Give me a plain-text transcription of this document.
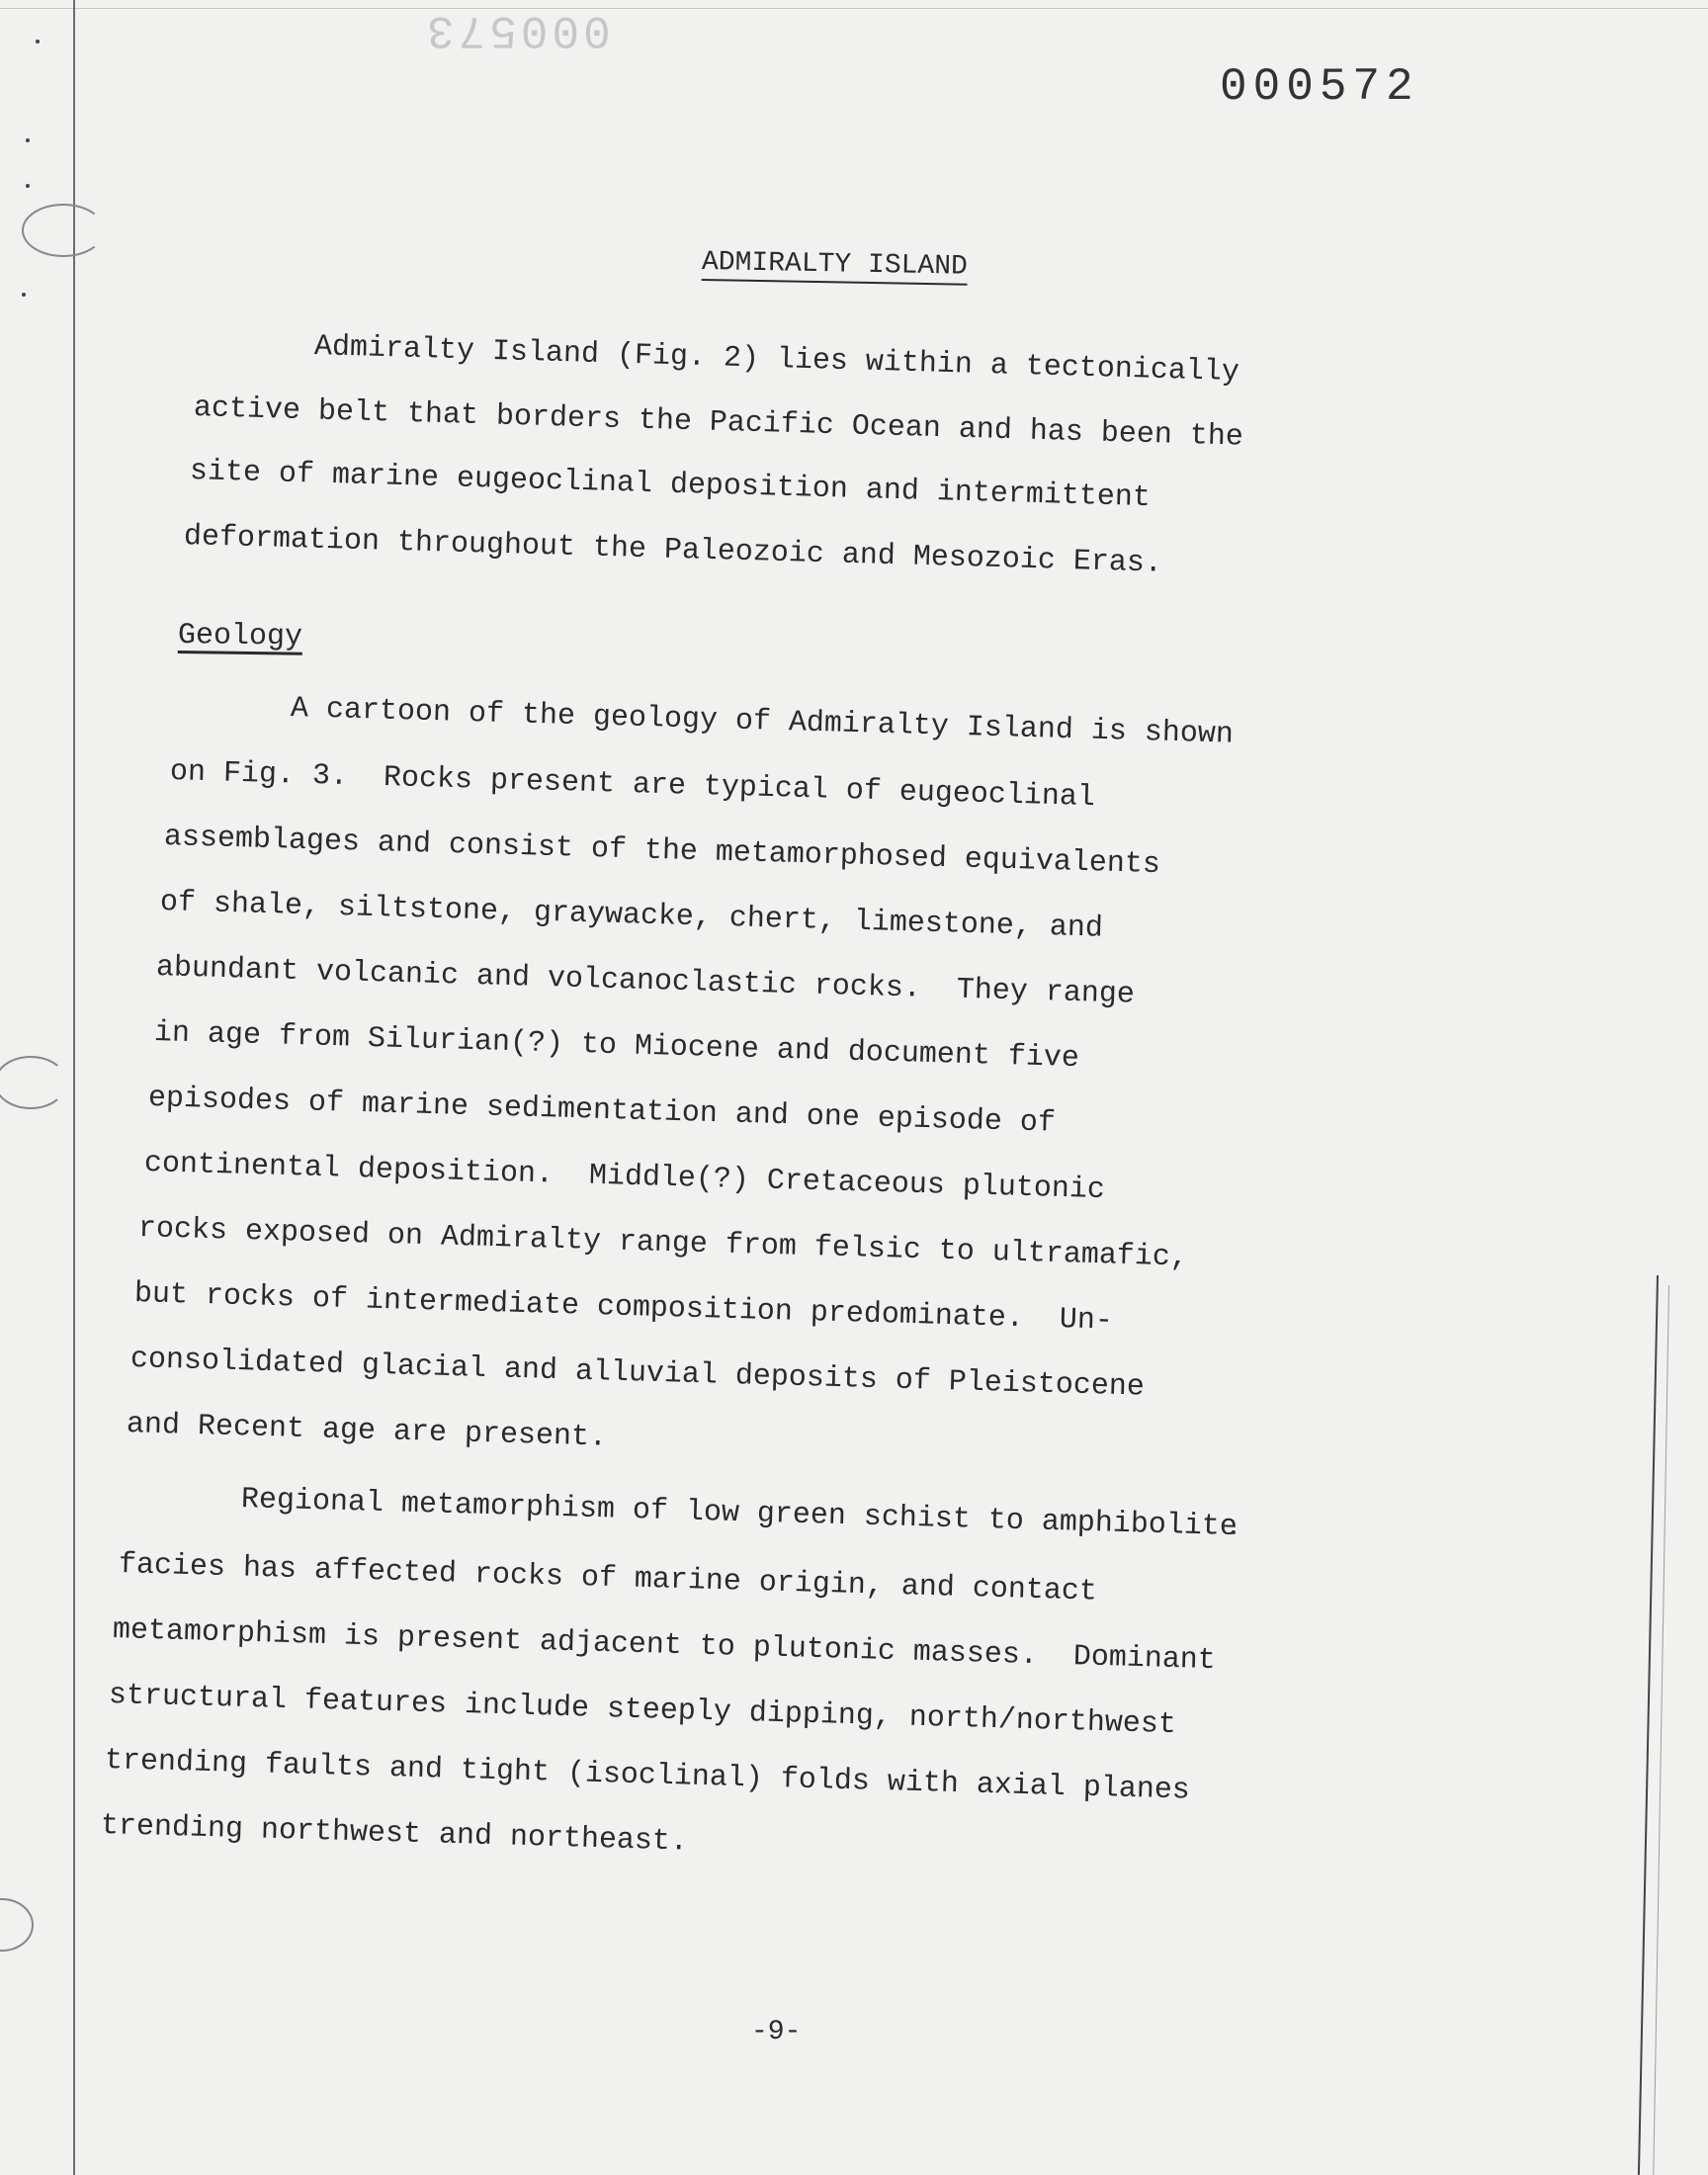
000573
000572
ADMIRALTY ISLAND
Admiralty Island (Fig. 2) lies within a tectonically
active belt that borders the Pacific Ocean and has been the
site of marine eugeoclinal deposition and intermittent
deformation throughout the Paleozoic and Mesozoic Eras.
Geology
A cartoon of the geology of Admiralty Island is shown
on Fig. 3.  Rocks present are typical of eugeoclinal
assemblages and consist of the metamorphosed equivalents
of shale, siltstone, graywacke, chert, limestone, and
abundant volcanic and volcanoclastic rocks.  They range
in age from Silurian(?) to Miocene and document five
episodes of marine sedimentation and one episode of
continental deposition.  Middle(?) Cretaceous plutonic
rocks exposed on Admiralty range from felsic to ultramafic,
but rocks of intermediate composition predominate.  Un-
consolidated glacial and alluvial deposits of Pleistocene
and Recent age are present.
Regional metamorphism of low green schist to amphibolite
facies has affected rocks of marine origin, and contact
metamorphism is present adjacent to plutonic masses.  Dominant
structural features include steeply dipping, north/northwest
trending faults and tight (isoclinal) folds with axial planes
trending northwest and northeast.
-9-
